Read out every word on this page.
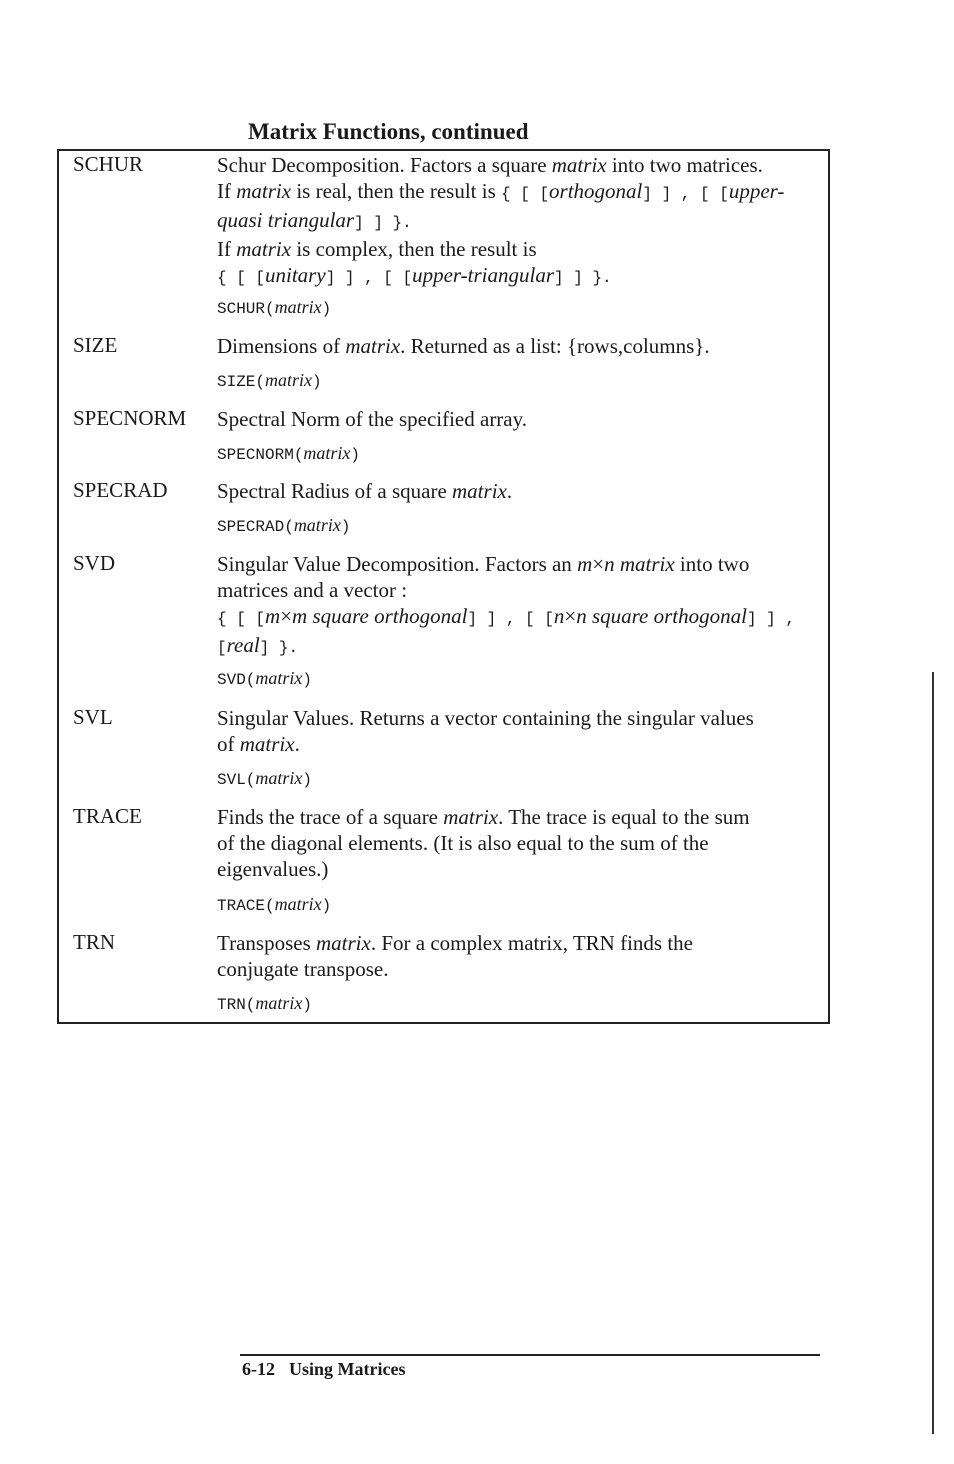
Matrix Functions, continued
SCHUR	Schur Decomposition. Factors a square matrix into two matrices.

If matrix is real, then the result is { [ [orthogonal] ] , [ [upper-

quasi triangular] ] }.

If matrix is complex, then the result is

{ [ [unitary] ] , [ [upper-triangular] ] }.

SCHUR(matrix)
SIZE	Dimensions of matrix. Returned as a list: {rows,columns}.

SIZE(matrix)
SPECNORM Spectral Norm of the specified array.

SPECNORM(matrix)
SPECRAD Spectral Radius of a square matrix.

SPECRAD(matrix)
SVD	Singular Value Decomposition. Factors an m×n matrix into two

matrices and a vector :

{ [ [m×m square orthogonal] ] , [ [n×n square orthogonal] ] ,

[real] }.

SVD(matrix)
SVL	Singular Values. Returns a vector containing the singular values

of matrix.

SVL(matrix)
TRACE	Finds the trace of a square matrix. The trace is equal to the sum

of the diagonal elements. (It is also equal to the sum of the

eigenvalues.)

TRACE(matrix)
TRN	Transposes matrix. For a complex matrix, TRN finds the

conjugate transpose.

TRN(matrix)
6-12 Using Matrices
